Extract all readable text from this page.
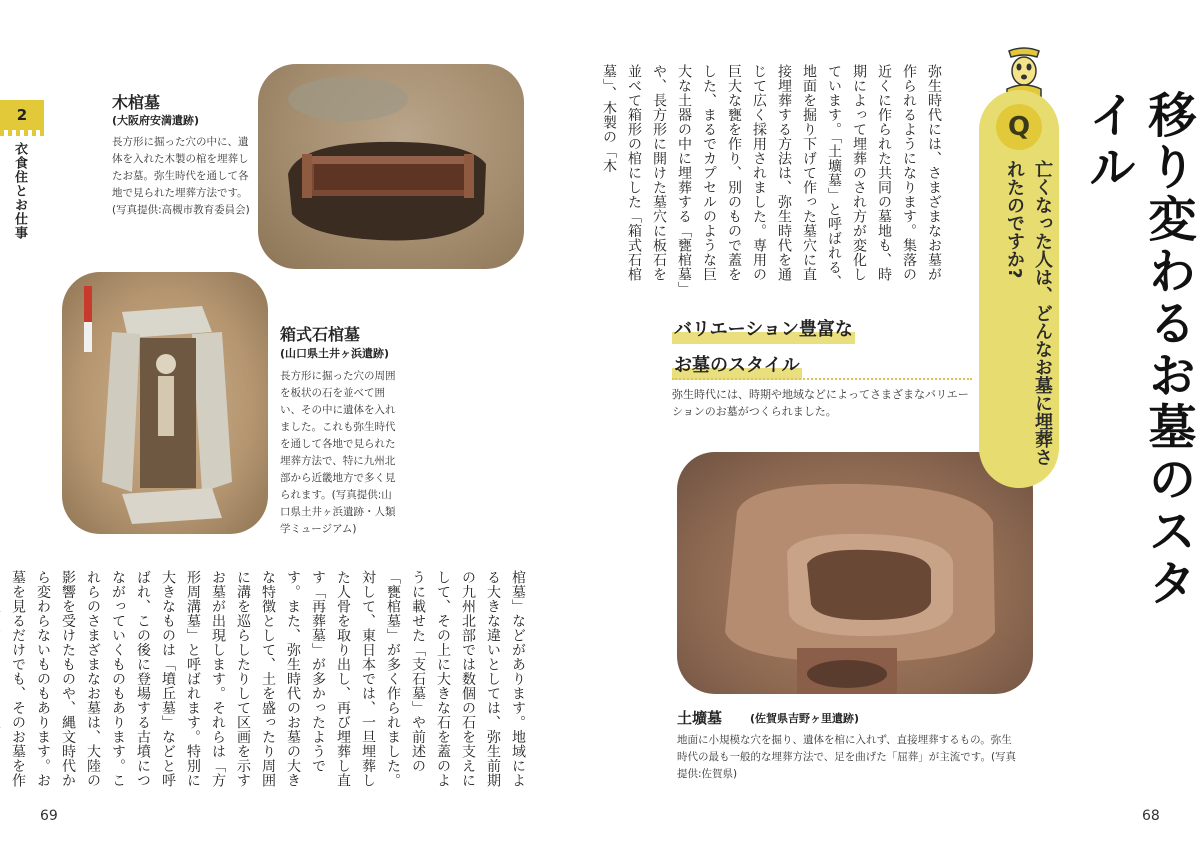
2
衣食住とお仕事
木棺墓
(大阪府安満遺跡)
長方形に掘った穴の中に、遺体を入れた木製の棺を埋葬したお墓。弥生時代を通して各地で見られた埋葬方法です。(写真提供:高槻市教育委員会)
箱式石棺墓
(山口県土井ヶ浜遺跡)
長方形に掘った穴の周囲を板状の石を並べて囲い、その中に遺体を入れました。これも弥生時代を通して各地で見られた埋葬方法で、特に九州北部から近畿地方で多く見られます。(写真提供:山口県土井ヶ浜遺跡・人類学ミュージアム)
弥生時代には、さまざまなお墓が作られるようになります。集落の近くに作られた共同の墓地も、時期によって埋葬のされ方が変化しています。「土壙墓」と呼ばれる、地面を掘り下げて作った墓穴に直接埋葬する方法は、弥生時代を通じて広く採用されました。専用の巨大な甕を作り、別のもので蓋をした、まるでカプセルのような巨大な土器の中に埋葬する「甕棺墓」や、長方形に開けた墓穴に板石を並べて箱形の棺にした「箱式石棺墓」、木製の「木
棺墓」などがあります。地域による大きな違いとしては、弥生前期の九州北部では数個の石を支えにして、その上に大きな石を蓋のように載せた「支石墓」や前述の「甕棺墓」が多く作られました。対して、東日本では、一旦埋葬した人骨を取り出し、再び埋葬し直す「再葬墓」が多かったようです。また、弥生時代のお墓の大きな特徴として、土を盛ったり周囲に溝を巡らしたりして区画を示すお墓が出現します。それらは「方形周溝墓」と呼ばれます。特別に大きなものは「墳丘墓」などと呼ばれ、この後に登場する古墳につながっていくものもあります。これらのさまざまなお墓は、大陸の影響を受けたものや、縄文時代から変わらないものもあります。お墓を見るだけでも、そのお墓を作
バリエーション豊富な
お墓のスタイル
弥生時代には、時期や地域などによってさまざまなバリエーションのお墓がつくられました。
土壙墓	(佐賀県吉野ヶ里遺跡)
地面に小規模な穴を掘り、遺体を棺に入れず、直接埋葬するもの。弥生時代の最も一般的な埋葬方法で、足を曲げた「屈葬」が主流です。(写真提供:佐賀県)
Q
亡くなった人は、どんなお墓に埋葬されたのですか?	移り変わるお墓のスタイル
69	68
